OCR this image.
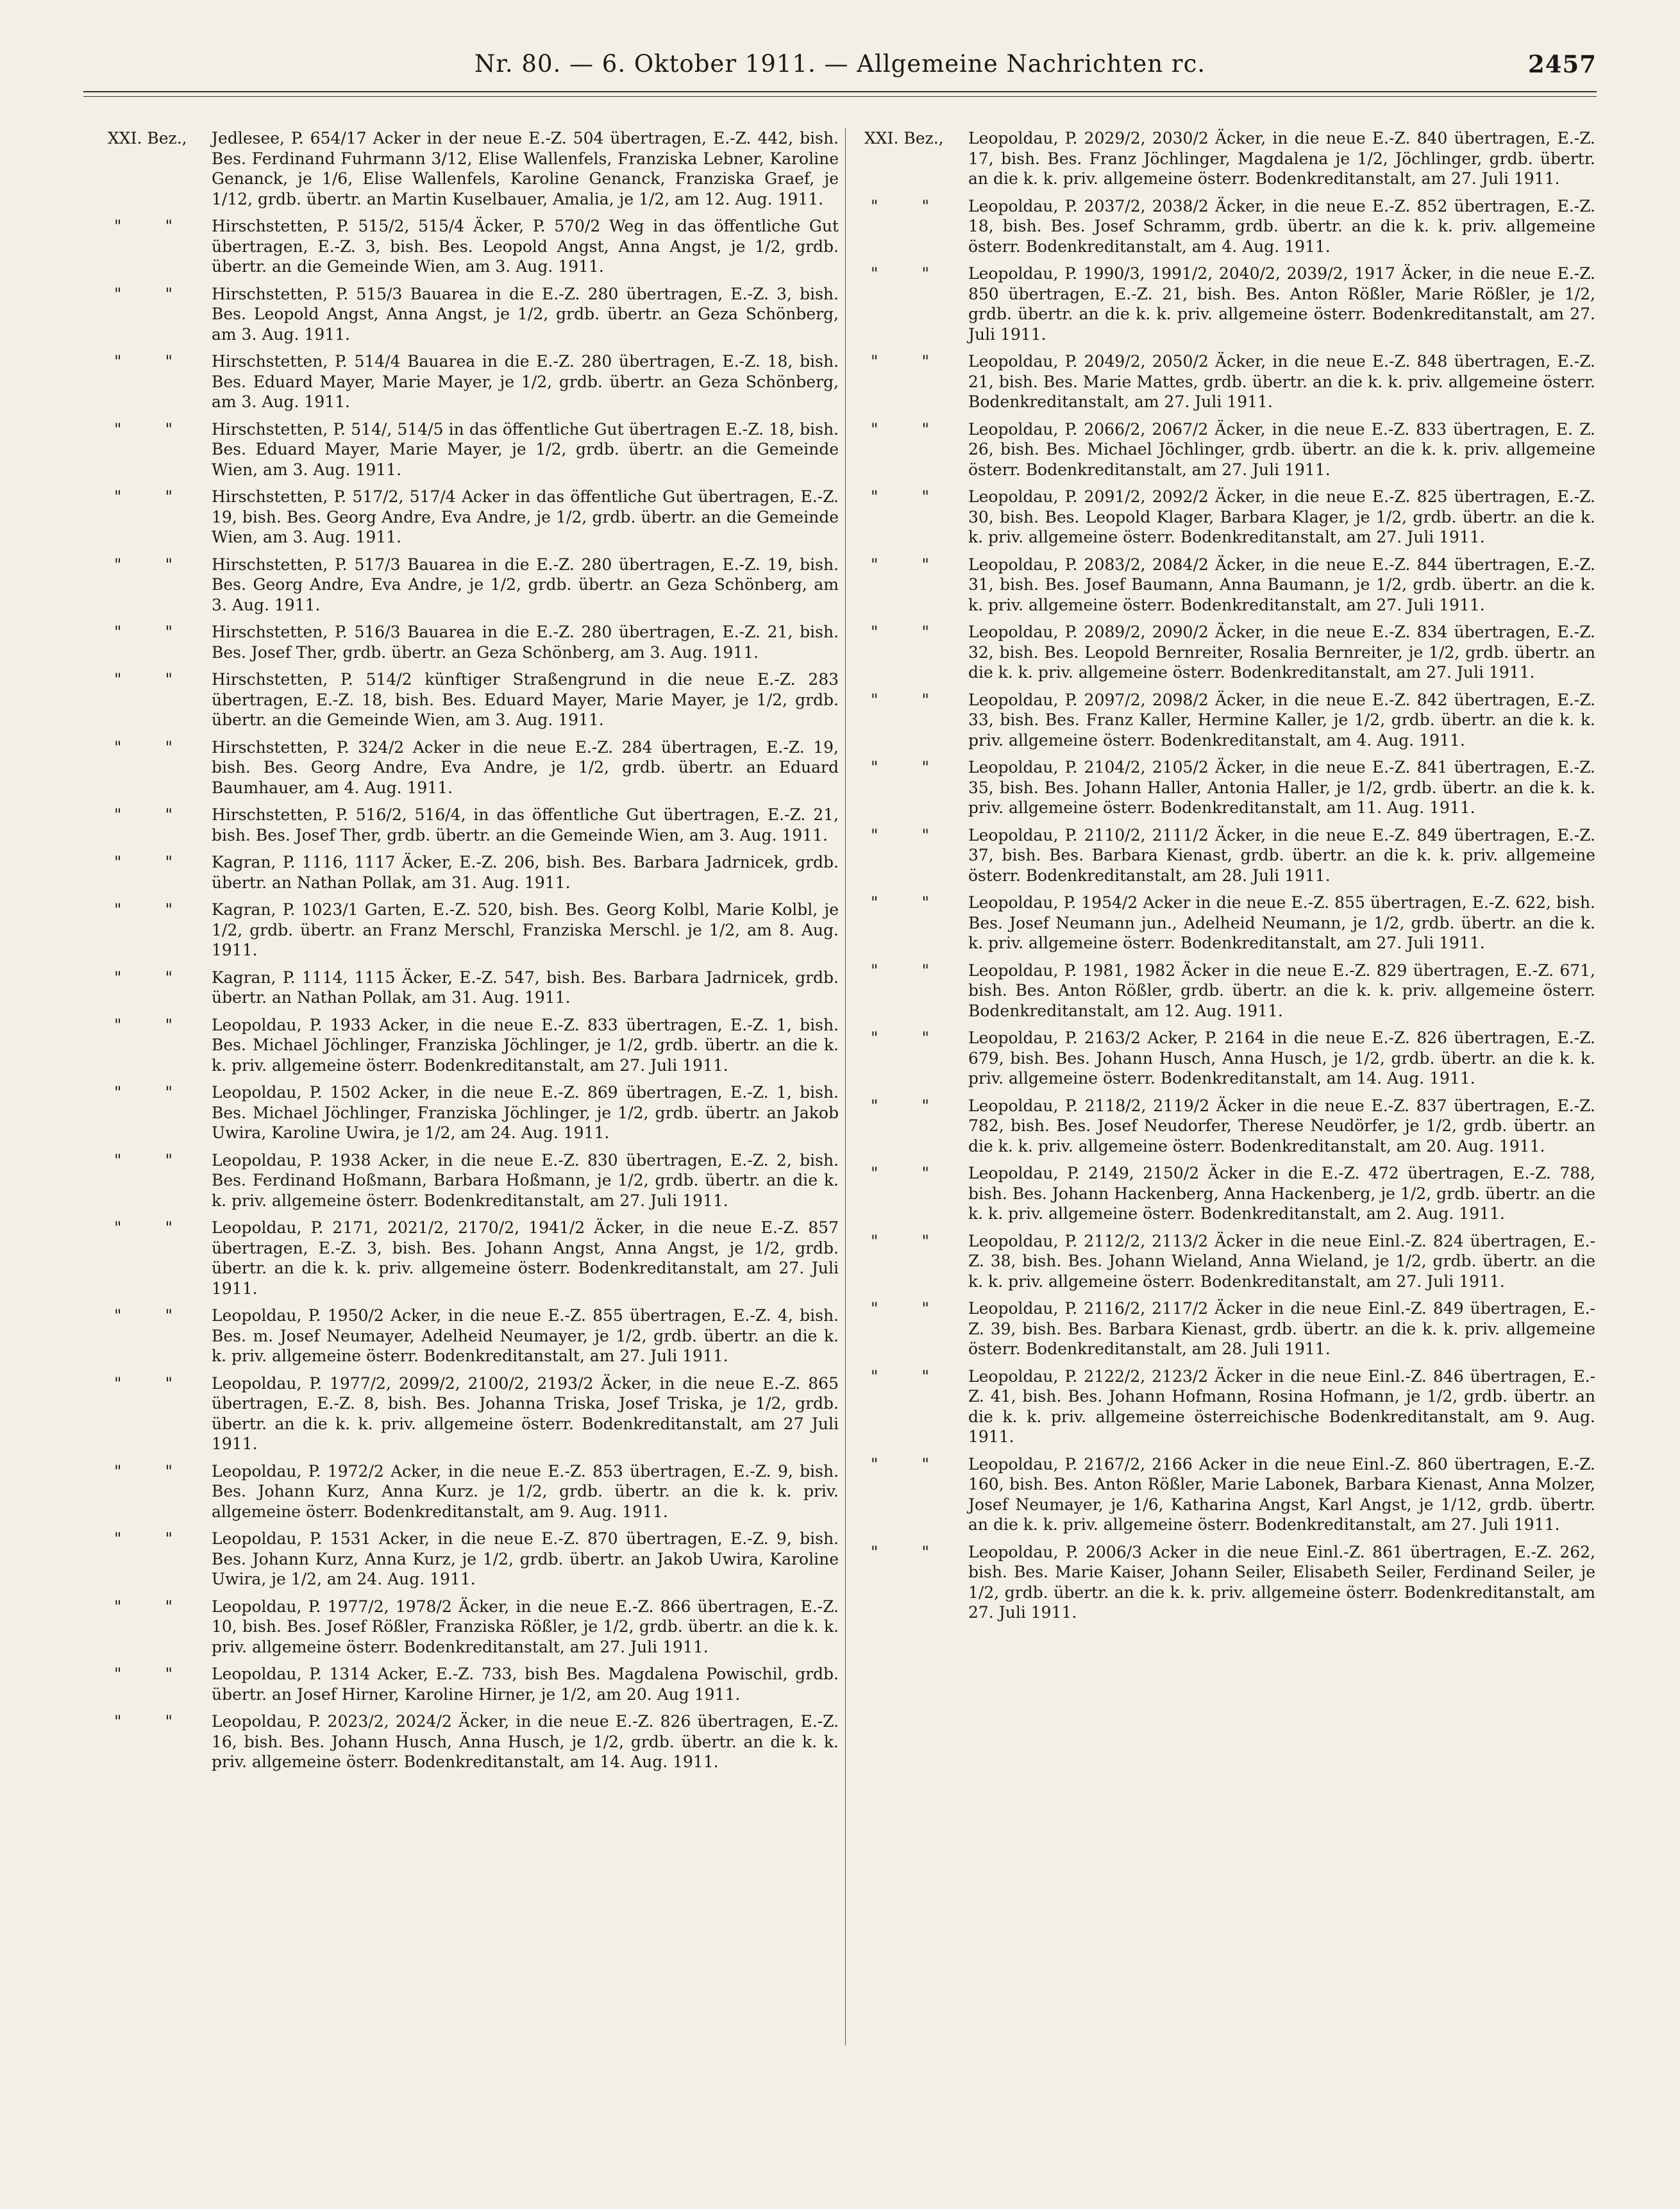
Nr. 80. — 6. Oktober 1911. — Allgemeine Nachrichten rc.	2457
XXI. Bez., Jedlesee, P. 654/17 Acker in der neue E.-Z. 504 übertragen, E.-Z. 442, bish. Bes. Ferdinand Fuhrmann 3/12, Elise Wallenfels, Franziska Lebner, Karoline Genanck, je 1/6, Elise Wallenfels, Karoline Genanck, Franziska Graef, je 1/12, grdb. übertr. an Martin Kuselbauer, Amalia, je 1/2, am 12. Aug. 1911.
" " Hirschstetten, P. 515/2, 515/4 Äcker, P. 570/2 Weg in das öffentliche Gut übertragen, E.-Z. 3, bish. Bes. Leopold Angst, Anna Angst, je 1/2, grdb. übertr. an die Gemeinde Wien, am 3. Aug. 1911.
" " Hirschstetten, P. 515/3 Bauarea in die E.-Z. 280 übertragen, E.-Z. 3, bish. Bes. Leopold Angst, Anna Angst, je 1/2, grdb. übertr. an Geza Schönberg, am 3. Aug. 1911.
" " Hirschstetten, P. 514/4 Bauarea in die E.-Z. 280 übertragen, E.-Z. 18, bish. Bes. Eduard Mayer, Marie Mayer, je 1/2, grdb. übertr. an Geza Schönberg, am 3. Aug. 1911.
" " Hirschstetten, P. 514/, 514/5 in das öffentliche Gut übertragen E.-Z. 18, bish. Bes. Eduard Mayer, Marie Mayer, je 1/2, grdb. übertr. an die Gemeinde Wien, am 3. Aug. 1911.
" " Hirschstetten, P. 517/2, 517/4 Acker in das öffentliche Gut übertragen, E.-Z. 19, bish. Bes. Georg Andre, Eva Andre, je 1/2, grdb. übertr. an die Gemeinde Wien, am 3. Aug. 1911.
" " Hirschstetten, P. 517/3 Bauarea in die E.-Z. 280 übertragen, E.-Z. 19, bish. Bes. Georg Andre, Eva Andre, je 1/2, grdb. übertr. an Geza Schönberg, am 3. Aug. 1911.
" " Hirschstetten, P. 516/3 Bauarea in die E.-Z. 280 übertragen, E.-Z. 21, bish. Bes. Josef Ther, grdb. übertr. an Geza Schönberg, am 3. Aug. 1911.
" " Hirschstetten, P. 514/2 künftiger Straßengrund in die neue E.-Z. 283 übertragen, E.-Z. 18, bish. Bes. Eduard Mayer, Marie Mayer, je 1/2, grdb. übertr. an die Gemeinde Wien, am 3. Aug. 1911.
" " Hirschstetten, P. 324/2 Acker in die neue E.-Z. 284 übertragen, E.-Z. 19, bish. Bes. Georg Andre, Eva Andre, je 1/2, grdb. übertr. an Eduard Baumhauer, am 4. Aug. 1911.
" " Hirschstetten, P. 516/2, 516/4, in das öffentliche Gut übertragen, E.-Z. 21, bish. Bes. Josef Ther, grdb. übertr. an die Gemeinde Wien, am 3. Aug. 1911.
" " Kagran, P. 1116, 1117 Äcker, E.-Z. 206, bish. Bes. Barbara Jadrnicek, grdb. übertr. an Nathan Pollak, am 31. Aug. 1911.
" " Kagran, P. 1023/1 Garten, E.-Z. 520, bish. Bes. Georg Kolbl, Marie Kolbl, je 1/2, grdb. übertr. an Franz Merschl, Franziska Merschl. je 1/2, am 8. Aug. 1911.
" " Kagran, P. 1114, 1115 Äcker, E.-Z. 547, bish. Bes. Barbara Jadrnicek, grdb. übertr. an Nathan Pollak, am 31. Aug. 1911.
" " Leopoldau, P. 1933 Acker, in die neue E.-Z. 833 übertragen, E.-Z. 1, bish. Bes. Michael Jöchlinger, Franziska Jöchlinger, je 1/2, grdb. übertr. an die k. k. priv. allgemeine österr. Bodenkreditanstalt, am 27. Juli 1911.
" " Leopoldau, P. 1502 Acker, in die neue E.-Z. 869 übertragen, E.-Z. 1, bish. Bes. Michael Jöchlinger, Franziska Jöchlinger, je 1/2, grdb. übertr. an Jakob Uwira, Karoline Uwira, je 1/2, am 24. Aug. 1911.
" " Leopoldau, P. 1938 Acker, in die neue E.-Z. 830 übertragen, E.-Z. 2, bish. Bes. Ferdinand Hoßmann, Barbara Hoßmann, je 1/2, grdb. übertr. an die k. k. priv. allgemeine österr. Bodenkreditanstalt, am 27. Juli 1911.
" " Leopoldau, P. 2171, 2021/2, 2170/2, 1941/2 Äcker, in die neue E.-Z. 857 übertragen, E.-Z. 3, bish. Bes. Johann Angst, Anna Angst, je 1/2, grdb. übertr. an die k. k. priv. allgemeine österr. Bodenkreditanstalt, am 27. Juli 1911.
" " Leopoldau, P. 1950/2 Acker, in die neue E.-Z. 855 übertragen, E.-Z. 4, bish. Bes. m. Josef Neumayer, Adelheid Neumayer, je 1/2, grdb. übertr. an die k. k. priv. allgemeine österr. Bodenkreditanstalt, am 27. Juli 1911.
" " Leopoldau, P. 1977/2, 2099/2, 2100/2, 2193/2 Äcker, in die neue E.-Z. 865 übertragen, E.-Z. 8, bish. Bes. Johanna Triska, Josef Triska, je 1/2, grdb. übertr. an die k. k. priv. allgemeine österr. Bodenkreditanstalt, am 27 Juli 1911.
" " Leopoldau, P. 1972/2 Acker, in die neue E.-Z. 853 übertragen, E.-Z. 9, bish. Bes. Johann Kurz, Anna Kurz. je 1/2, grdb. übertr. an die k. k. priv. allgemeine österr. Bodenkreditanstalt, am 9. Aug. 1911.
" " Leopoldau, P. 1531 Acker, in die neue E.-Z. 870 übertragen, E.-Z. 9, bish. Bes. Johann Kurz, Anna Kurz, je 1/2, grdb. übertr. an Jakob Uwira, Karoline Uwira, je 1/2, am 24. Aug. 1911.
" " Leopoldau, P. 1977/2, 1978/2 Äcker, in die neue E.-Z. 866 übertragen, E.-Z. 10, bish. Bes. Josef Rößler, Franziska Rößler, je 1/2, grdb. übertr. an die k. k. priv. allgemeine österr. Bodenkreditanstalt, am 27. Juli 1911.
" " Leopoldau, P. 1314 Acker, E.-Z. 733, bish Bes. Magdalena Powischil, grdb. übertr. an Josef Hirner, Karoline Hirner, je 1/2, am 20. Aug 1911.
" " Leopoldau, P. 2023/2, 2024/2 Äcker, in die neue E.-Z. 826 übertragen, E.-Z. 16, bish. Bes. Johann Husch, Anna Husch, je 1/2, grdb. übertr. an die k. k. priv. allgemeine österr. Bodenkreditanstalt, am 14. Aug. 1911.
XXI. Bez., Leopoldau, P. 2029/2, 2030/2 Äcker, in die neue E.-Z. 840 übertragen, E.-Z. 17, bish. Bes. Franz Jöchlinger, Magdalena je 1/2, Jöchlinger, grdb. übertr. an die k. k. priv. allgemeine österr. Bodenkreditanstalt, am 27. Juli 1911.
" " Leopoldau, P. 2037/2, 2038/2 Äcker, in die neue E.-Z. 852 übertragen, E.-Z. 18, bish. Bes. Josef Schramm, grdb. übertr. an die k. k. priv. allgemeine österr. Bodenkreditanstalt, am 4. Aug. 1911.
" " Leopoldau, P. 1990/3, 1991/2, 2040/2, 2039/2, 1917 Äcker, in die neue E.-Z. 850 übertragen, E.-Z. 21, bish. Bes. Anton Rößler, Marie Rößler, je 1/2, grdb. übertr. an die k. k. priv. allgemeine österr. Bodenkreditanstalt, am 27. Juli 1911.
" " Leopoldau, P. 2049/2, 2050/2 Äcker, in die neue E.-Z. 848 übertragen, E.-Z. 21, bish. Bes. Marie Mattes, grdb. übertr. an die k. k. priv. allgemeine österr. Bodenkreditanstalt, am 27. Juli 1911.
" " Leopoldau, P. 2066/2, 2067/2 Äcker, in die neue E.-Z. 833 übertragen, E. Z. 26, bish. Bes. Michael Jöchlinger, grdb. übertr. an die k. k. priv. allgemeine österr. Bodenkreditanstalt, am 27. Juli 1911.
" " Leopoldau, P. 2091/2, 2092/2 Äcker, in die neue E.-Z. 825 übertragen, E.-Z. 30, bish. Bes. Leopold Klager, Barbara Klager, je 1/2, grdb. übertr. an die k. k. priv. allgemeine österr. Bodenkreditanstalt, am 27. Juli 1911.
" " Leopoldau, P. 2083/2, 2084/2 Äcker, in die neue E.-Z. 844 übertragen, E.-Z. 31, bish. Bes. Josef Baumann, Anna Baumann, je 1/2, grdb. übertr. an die k. k. priv. allgemeine österr. Bodenkreditanstalt, am 27. Juli 1911.
" " Leopoldau, P. 2089/2, 2090/2 Äcker, in die neue E.-Z. 834 übertragen, E.-Z. 32, bish. Bes. Leopold Bernreiter, Rosalia Bernreiter, je 1/2, grdb. übertr. an die k. k. priv. allgemeine österr. Bodenkreditanstalt, am 27. Juli 1911.
" " Leopoldau, P. 2097/2, 2098/2 Äcker, in die neue E.-Z. 842 übertragen, E.-Z. 33, bish. Bes. Franz Kaller, Hermine Kaller, je 1/2, grdb. übertr. an die k. k. priv. allgemeine österr. Bodenkreditanstalt, am 4. Aug. 1911.
" " Leopoldau, P. 2104/2, 2105/2 Äcker, in die neue E.-Z. 841 übertragen, E.-Z. 35, bish. Bes. Johann Haller, Antonia Haller, je 1/2, grdb. übertr. an die k. k. priv. allgemeine österr. Bodenkreditanstalt, am 11. Aug. 1911.
" " Leopoldau, P. 2110/2, 2111/2 Äcker, in die neue E.-Z. 849 übertragen, E.-Z. 37, bish. Bes. Barbara Kienast, grdb. übertr. an die k. k. priv. allgemeine österr. Bodenkreditanstalt, am 28. Juli 1911.
" " Leopoldau, P. 1954/2 Acker in die neue E.-Z. 855 übertragen, E.-Z. 622, bish. Bes. Josef Neumann jun., Adelheid Neumann, je 1/2, grdb. übertr. an die k. k. priv. allgemeine österr. Bodenkreditanstalt, am 27. Juli 1911.
" " Leopoldau, P. 1981, 1982 Äcker in die neue E.-Z. 829 übertragen, E.-Z. 671, bish. Bes. Anton Rößler, grdb. übertr. an die k. k. priv. allgemeine österr. Bodenkreditanstalt, am 12. Aug. 1911.
" " Leopoldau, P. 2163/2 Acker, P. 2164 in die neue E.-Z. 826 übertragen, E.-Z. 679, bish. Bes. Johann Husch, Anna Husch, je 1/2, grdb. übertr. an die k. k. priv. allgemeine österr. Bodenkreditanstalt, am 14. Aug. 1911.
" " Leopoldau, P. 2118/2, 2119/2 Äcker in die neue E.-Z. 837 übertragen, E.-Z. 782, bish. Bes. Josef Neudorfer, Therese Neudörfer, je 1/2, grdb. übertr. an die k. k. priv. allgemeine österr. Bodenkreditanstalt, am 20. Aug. 1911.
" " Leopoldau, P. 2149, 2150/2 Äcker in die E.-Z. 472 übertragen, E.-Z. 788, bish. Bes. Johann Hackenberg, Anna Hackenberg, je 1/2, grdb. übertr. an die k. k. priv. allgemeine österr. Bodenkreditanstalt, am 2. Aug. 1911.
" " Leopoldau, P. 2112/2, 2113/2 Äcker in die neue Einl.-Z. 824 übertragen, E.-Z. 38, bish. Bes. Johann Wieland, Anna Wieland, je 1/2, grdb. übertr. an die k. k. priv. allgemeine österr. Bodenkreditanstalt, am 27. Juli 1911.
" " Leopoldau, P. 2116/2, 2117/2 Äcker in die neue Einl.-Z. 849 übertragen, E.-Z. 39, bish. Bes. Barbara Kienast, grdb. übertr. an die k. k. priv. allgemeine österr. Bodenkreditanstalt, am 28. Juli 1911.
" " Leopoldau, P. 2122/2, 2123/2 Äcker in die neue Einl.-Z. 846 übertragen, E.-Z. 41, bish. Bes. Johann Hofmann, Rosina Hofmann, je 1/2, grdb. übertr. an die k. k. priv. allgemeine österreichische Bodenkreditanstalt, am 9. Aug. 1911.
" " Leopoldau, P. 2167/2, 2166 Acker in die neue Einl.-Z. 860 übertragen, E.-Z. 160, bish. Bes. Anton Rößler, Marie Labonek, Barbara Kienast, Anna Molzer, Josef Neumayer, je 1/6, Katharina Angst, Karl Angst, je 1/12, grdb. übertr. an die k. k. priv. allgemeine österr. Bodenkreditanstalt, am 27. Juli 1911.
" " Leopoldau, P. 2006/3 Acker in die neue Einl.-Z. 861 übertragen, E.-Z. 262, bish. Bes. Marie Kaiser, Johann Seiler, Elisabeth Seiler, Ferdinand Seiler, je 1/2, grdb. übertr. an die k. k. priv. allgemeine österr. Bodenkreditanstalt, am 27. Juli 1911.
